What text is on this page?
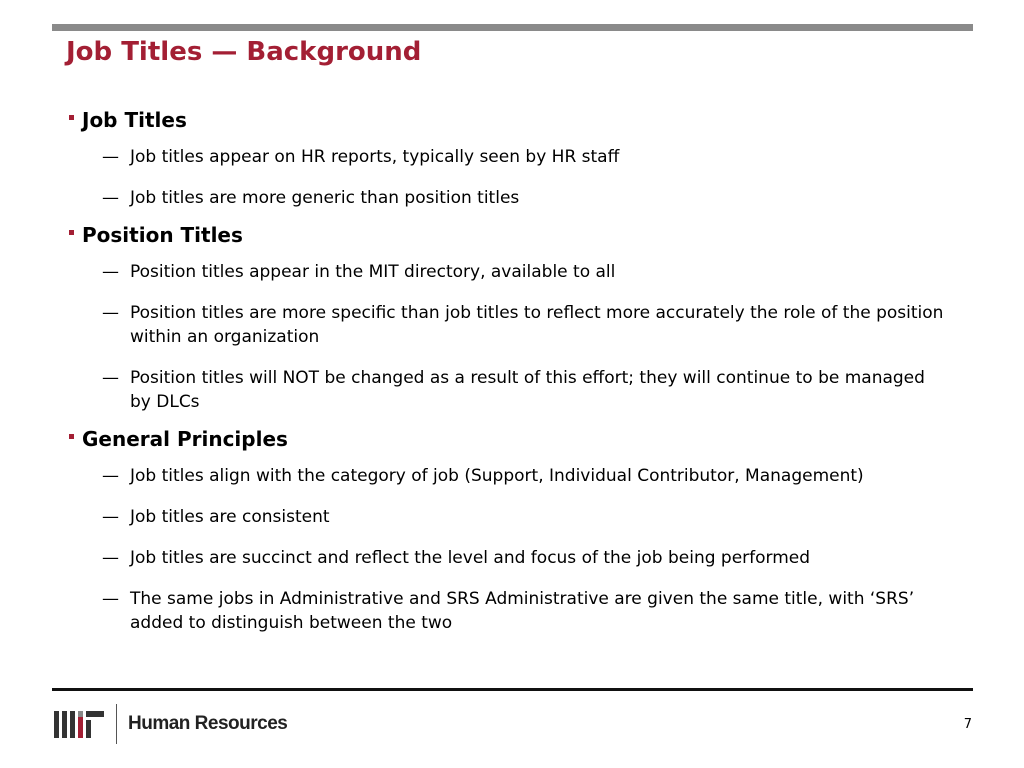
Job Titles — Background
Job Titles
— Job titles appear on HR reports, typically seen by HR staff
— Job titles are more generic than position titles
Position Titles
— Position titles appear in the MIT directory, available to all
— Position titles are more specific than job titles to reflect more accurately the role of the position within an organization
— Position titles will NOT be changed as a result of this effort; they will continue to be managed by DLCs
General Principles
— Job titles align with the category of job (Support, Individual Contributor, Management)
— Job titles are consistent
— Job titles are succinct and reflect the level and focus of the job being performed
— The same jobs in Administrative and SRS Administrative are given the same title, with ‘SRS’ added to distinguish between the two
Human Resources	7
